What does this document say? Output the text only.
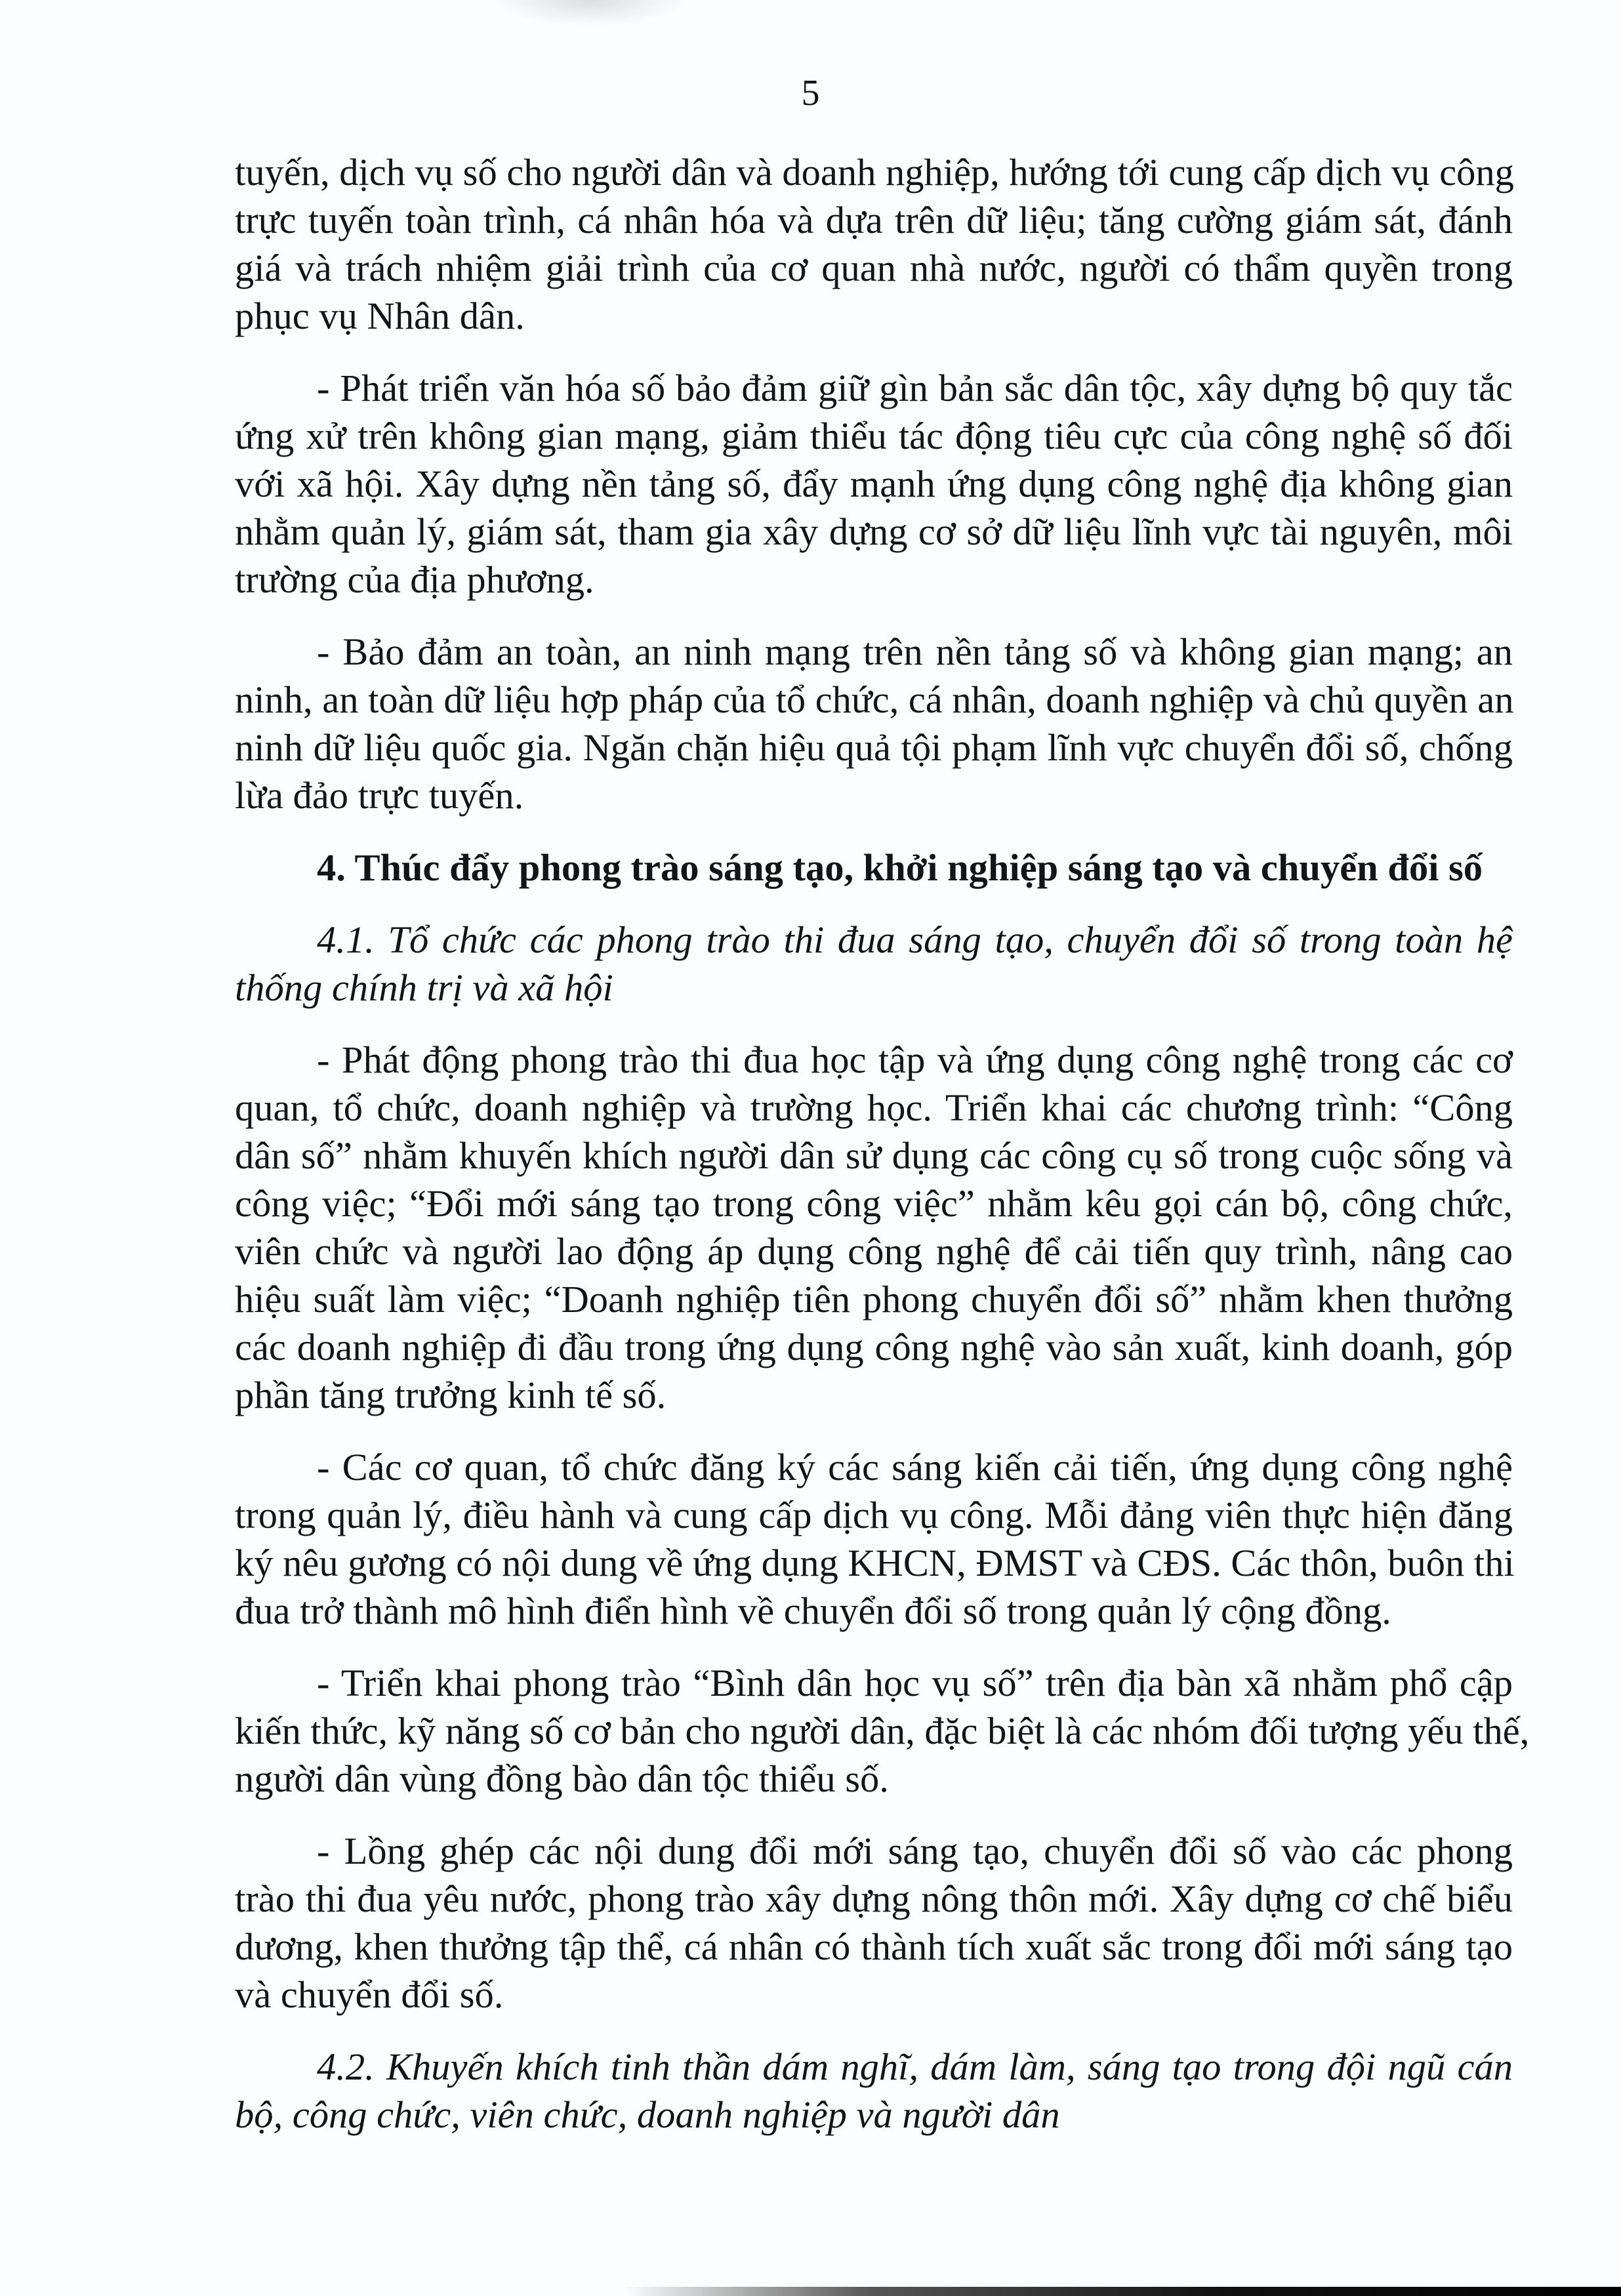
5
tuyến, dịch vụ số cho người dân và doanh nghiệp, hướng tới cung cấp dịch vụ công
trực tuyến toàn trình, cá nhân hóa và dựa trên dữ liệu; tăng cường giám sát, đánh
giá và trách nhiệm giải trình của cơ quan nhà nước, người có thẩm quyền trong
phục vụ Nhân dân.
- Phát triển văn hóa số bảo đảm giữ gìn bản sắc dân tộc, xây dựng bộ quy tắc
ứng xử trên không gian mạng, giảm thiểu tác động tiêu cực của công nghệ số đối
với xã hội. Xây dựng nền tảng số, đẩy mạnh ứng dụng công nghệ địa không gian
nhằm quản lý, giám sát, tham gia xây dựng cơ sở dữ liệu lĩnh vực tài nguyên, môi
trường của địa phương.
- Bảo đảm an toàn, an ninh mạng trên nền tảng số và không gian mạng; an
ninh, an toàn dữ liệu hợp pháp của tổ chức, cá nhân, doanh nghiệp và chủ quyền an
ninh dữ liệu quốc gia. Ngăn chặn hiệu quả tội phạm lĩnh vực chuyển đổi số, chống
lừa đảo trực tuyến.
4. Thúc đẩy phong trào sáng tạo, khởi nghiệp sáng tạo và chuyển đổi số
4.1. Tổ chức các phong trào thi đua sáng tạo, chuyển đổi số trong toàn hệ
thống chính trị và xã hội
- Phát động phong trào thi đua học tập và ứng dụng công nghệ trong các cơ
quan, tổ chức, doanh nghiệp và trường học. Triển khai các chương trình: “Công
dân số” nhằm khuyến khích người dân sử dụng các công cụ số trong cuộc sống và
công việc; “Đổi mới sáng tạo trong công việc” nhằm kêu gọi cán bộ, công chức,
viên chức và người lao động áp dụng công nghệ để cải tiến quy trình, nâng cao
hiệu suất làm việc; “Doanh nghiệp tiên phong chuyển đổi số” nhằm khen thưởng
các doanh nghiệp đi đầu trong ứng dụng công nghệ vào sản xuất, kinh doanh, góp
phần tăng trưởng kinh tế số.
- Các cơ quan, tổ chức đăng ký các sáng kiến cải tiến, ứng dụng công nghệ
trong quản lý, điều hành và cung cấp dịch vụ công. Mỗi đảng viên thực hiện đăng
ký nêu gương có nội dung về ứng dụng KHCN, ĐMST và CĐS. Các thôn, buôn thi
đua trở thành mô hình điển hình về chuyển đổi số trong quản lý cộng đồng.
- Triển khai phong trào “Bình dân học vụ số” trên địa bàn xã nhằm phổ cập
kiến thức, kỹ năng số cơ bản cho người dân, đặc biệt là các nhóm đối tượng yếu thế,
người dân vùng đồng bào dân tộc thiểu số.
- Lồng ghép các nội dung đổi mới sáng tạo, chuyển đổi số vào các phong
trào thi đua yêu nước, phong trào xây dựng nông thôn mới. Xây dựng cơ chế biểu
dương, khen thưởng tập thể, cá nhân có thành tích xuất sắc trong đổi mới sáng tạo
và chuyển đổi số.
4.2. Khuyến khích tinh thần dám nghĩ, dám làm, sáng tạo trong đội ngũ cán
bộ, công chức, viên chức, doanh nghiệp và người dân
